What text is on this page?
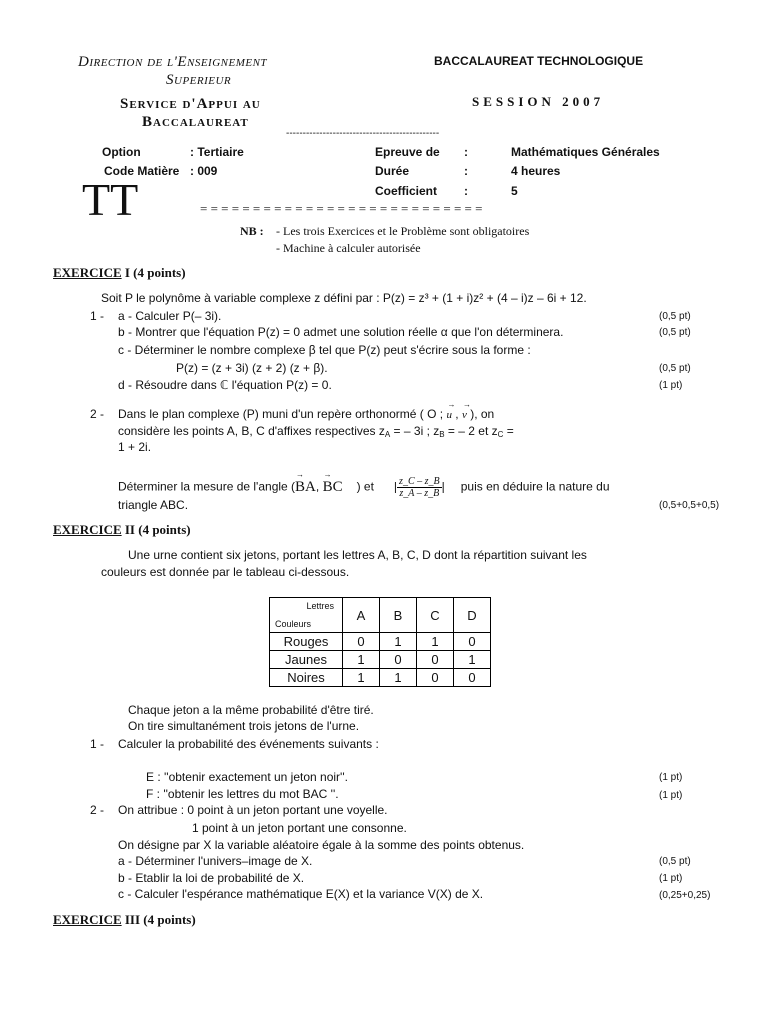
Direction de l'Enseignement
Superieur
Service d'Appui au
Baccalaureat
BACCALAUREAT TECHNOLOGIQUE
SESSION 2007
----------------------------------------------
Option	: Tertiaire
Code Matière : 009
Epreuve de :	Mathématiques Générales
Durée	:	4 heures
Coefficient :	5
TT	= = = = = = = = = = = = = = = = = = = = = = = = = = =
NB : - Les trois Exercices et le Problème sont obligatoires
- Machine à calculer autorisée
EXERCICE I (4 points)
Soit P le polynôme à variable complexe z défini par : P(z) = z³ + (1 + i)z² + (4 – i)z – 6i + 12.
1 - a - Calculer P(– 3i).
b - Montrer que l'équation P(z) = 0 admet une solution réelle α que l'on déterminera.
c - Déterminer le nombre complexe β tel que P(z) peut s'écrire sous la forme :
P(z) = (z + 3i) (z + 2) (z + β).
d - Résoudre dans ℂ l'équation P(z) = 0.
(0,5 pt)
(0,5 pt)
(0,5 pt)
(1 pt)
2 - Dans le plan complexe (P) muni d'un repère orthonormé ( O ; → u , → v ), on
considère les points A, B, C d'affixes respectives $z_A$ = – 3i ; $z_B$ = – 2 et $z_C$ =
1 + 2i.
Déterminer la mesure de l'angle (→ BA, → BC ) et | $\frac{z\_C - z\_B}{z\_A - z\_B}$ | puis en déduire la nature du
triangle ABC.	(0,5+0,5+0,5)
EXERCICE II (4 points)
Une urne contient six jetons, portant les lettres A, B, C, D dont la répartition suivant les
couleurs est donnée par le tableau ci-dessous.
Lettres
Couleurs	A	B	C	D
Rouges	0	1	1	0
Jaunes	1	0	0	1
Noires	1	1	0	0
Chaque jeton a la même probabilité d'être tiré.
On tire simultanément trois jetons de l'urne.
1 - Calculer la probabilité des événements suivants :
E : ''obtenir exactement un jeton noir''.
F : ''obtenir les lettres du mot BAC ''.
(1 pt)
(1 pt)
2 - On attribue : 0 point à un jeton portant une voyelle.
1 point à un jeton portant une consonne.
On désigne par X la variable aléatoire égale à la somme des points obtenus.
a - Déterminer l'univers–image de X.
b - Etablir la loi de probabilité de X.
c - Calculer l'espérance mathématique E(X) et la variance V(X) de X.
(0,5 pt)
(1 pt)
(0,25+0,25)
EXERCICE III (4 points)
